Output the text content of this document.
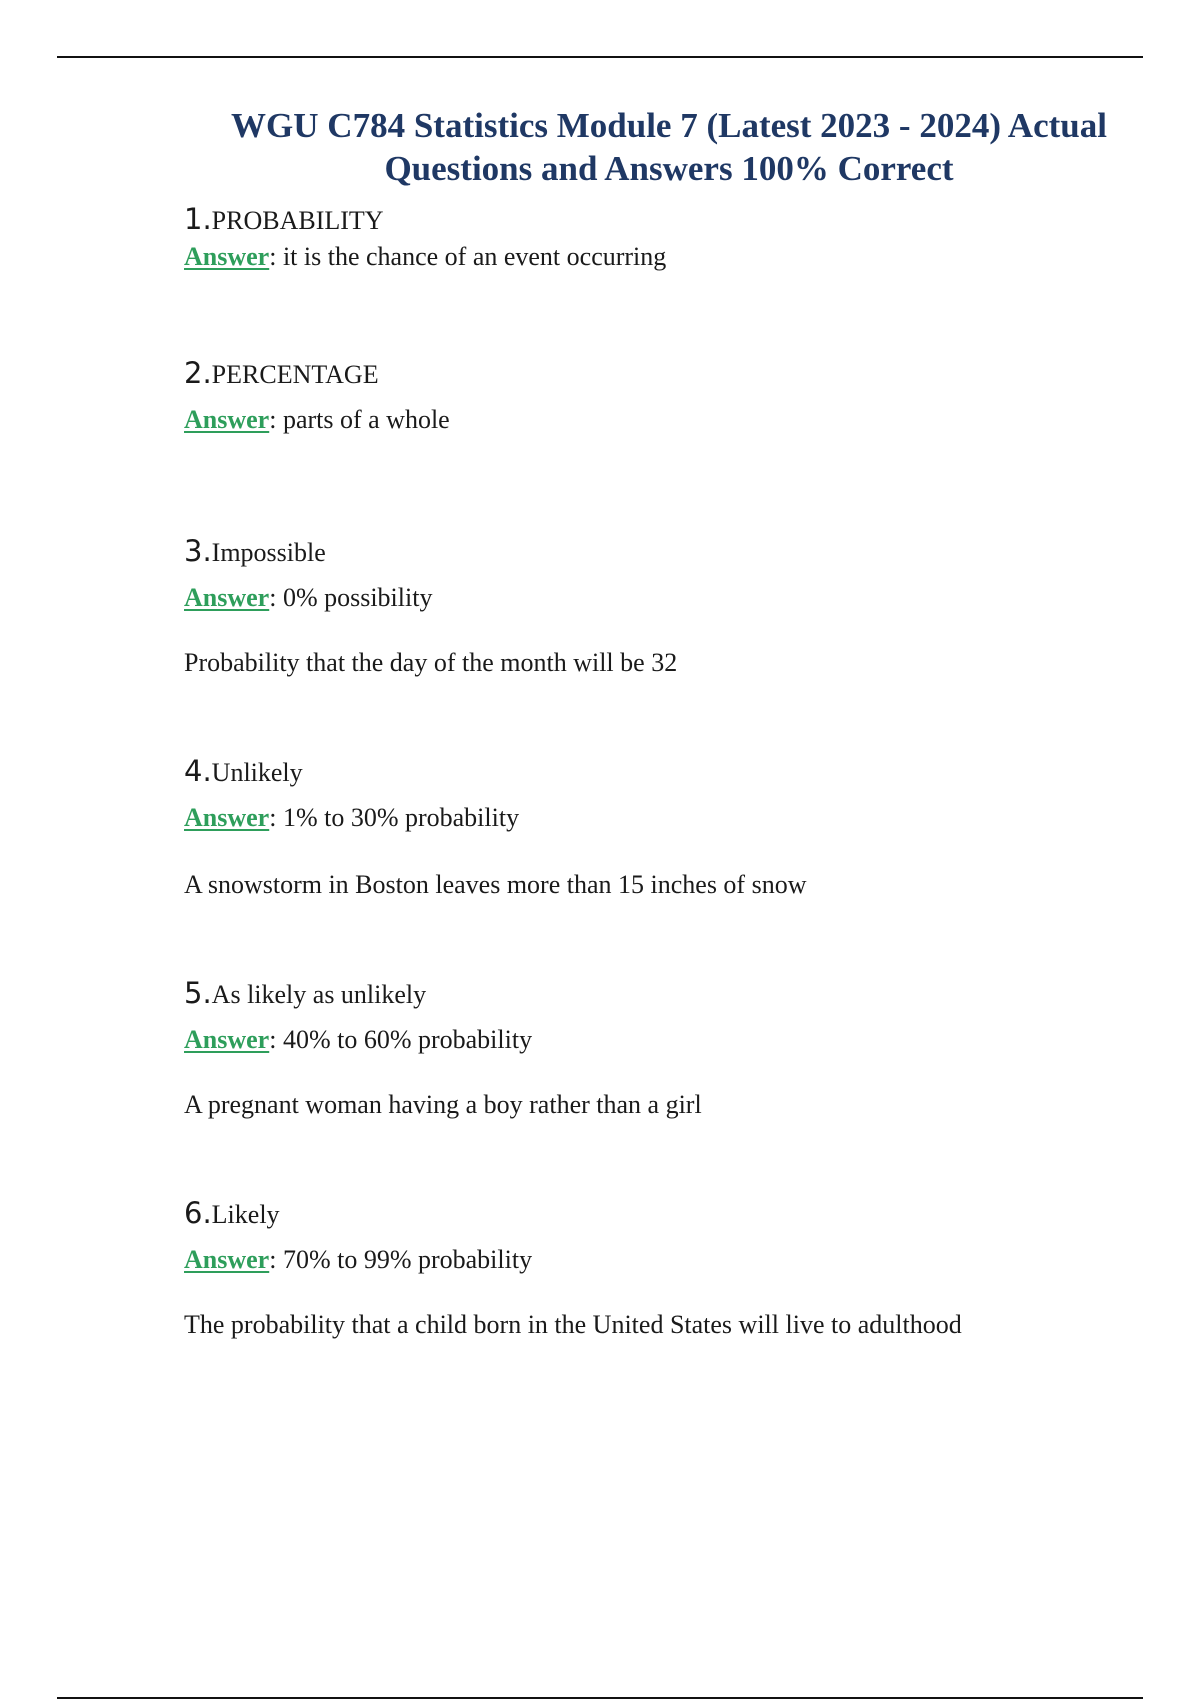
WGU C784 Statistics Module 7 (Latest 2023 - 2024) Actual
Questions and Answers 100% Correct
1.PROBABILITY
Answer: it is the chance of an event occurring
2.PERCENTAGE
Answer: parts of a whole
3.Impossible
Answer: 0% possibility
Probability that the day of the month will be 32
4.Unlikely
Answer: 1% to 30% probability
A snowstorm in Boston leaves more than 15 inches of snow
5.As likely as unlikely
Answer: 40% to 60% probability
A pregnant woman having a boy rather than a girl
6.Likely
Answer: 70% to 99% probability
The probability that a child born in the United States will live to adulthood
